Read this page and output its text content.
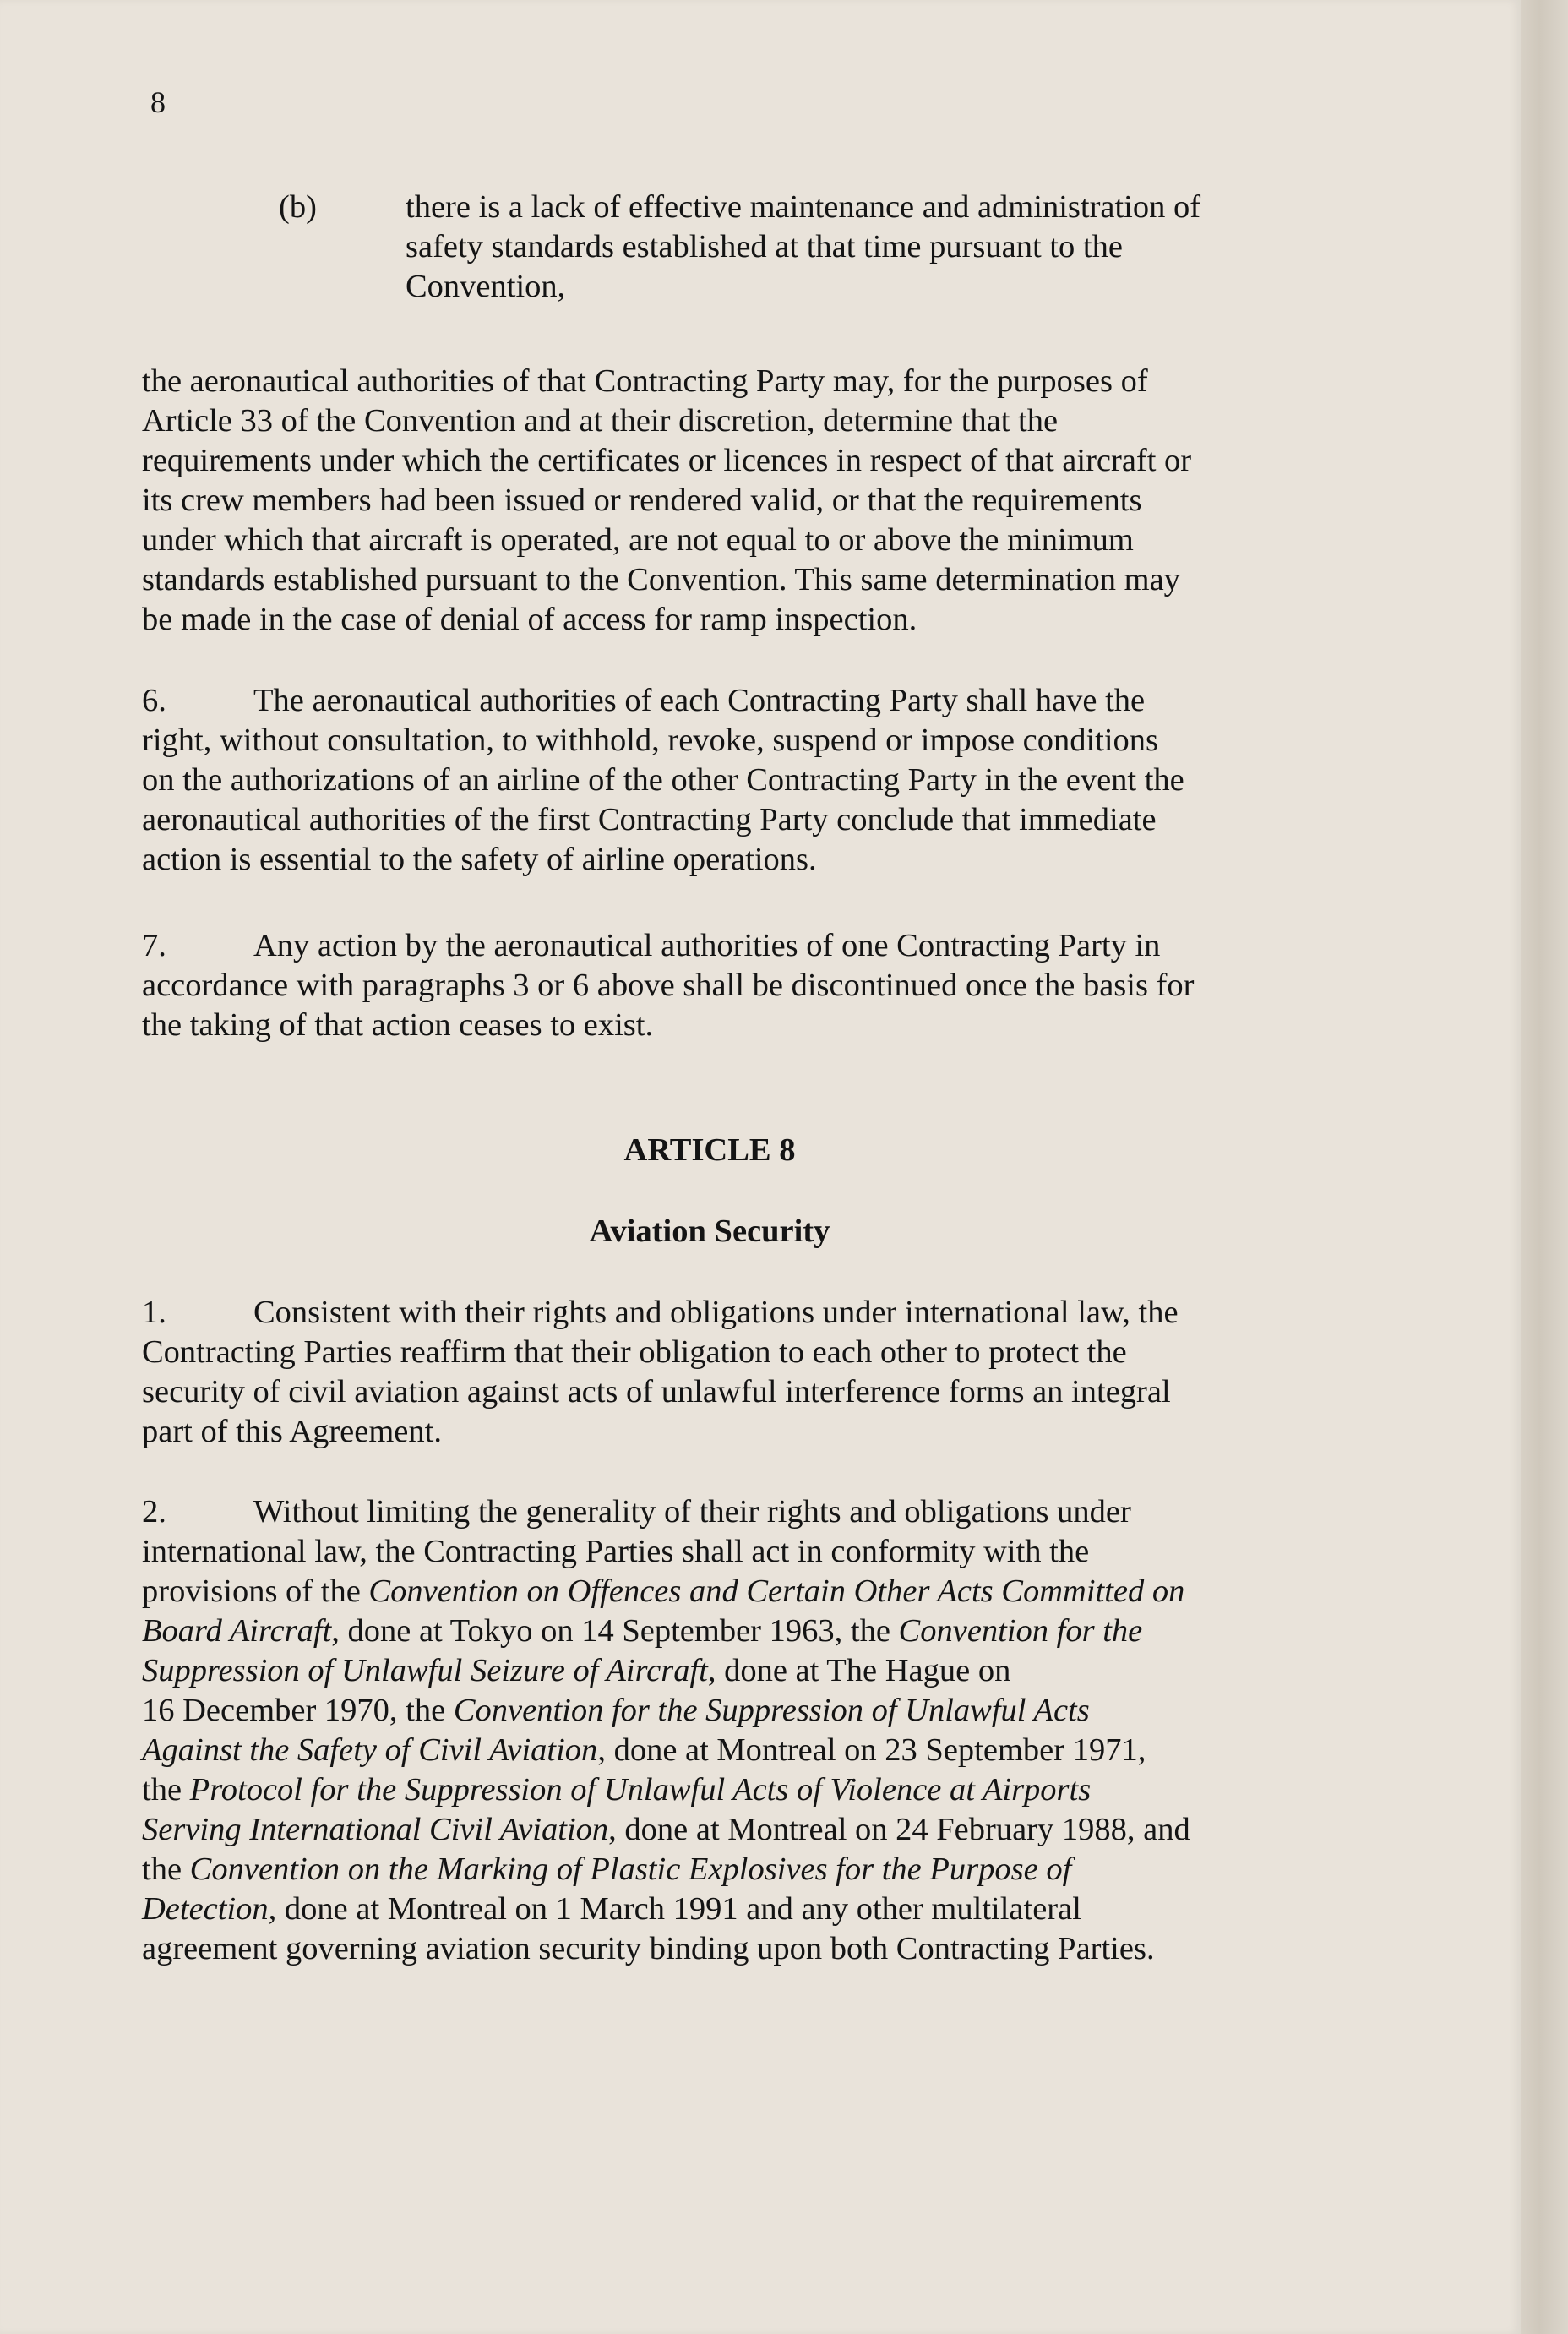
8
(b)	there is a lack of effective maintenance and administration of
safety standards established at that time pursuant to the
Convention,
the aeronautical authorities of that Contracting Party may, for the purposes of
Article 33 of the Convention and at their discretion, determine that the
requirements under which the certificates or licences in respect of that aircraft or
its crew members had been issued or rendered valid, or that the requirements
under which that aircraft is operated, are not equal to or above the minimum
standards established pursuant to the Convention. This same determination may
be made in the case of denial of access for ramp inspection.
6.	The aeronautical authorities of each Contracting Party shall have the
right, without consultation, to withhold, revoke, suspend or impose conditions
on the authorizations of an airline of the other Contracting Party in the event the
aeronautical authorities of the first Contracting Party conclude that immediate
action is essential to the safety of airline operations.
7.	Any action by the aeronautical authorities of one Contracting Party in
accordance with paragraphs 3 or 6 above shall be discontinued once the basis for
the taking of that action ceases to exist.
ARTICLE 8
Aviation Security
1.	Consistent with their rights and obligations under international law, the
Contracting Parties reaffirm that their obligation to each other to protect the
security of civil aviation against acts of unlawful interference forms an integral
part of this Agreement.
2.	Without limiting the generality of their rights and obligations under
international law, the Contracting Parties shall act in conformity with the
provisions of the Convention on Offences and Certain Other Acts Committed on
Board Aircraft, done at Tokyo on 14 September 1963, the Convention for the
Suppression of Unlawful Seizure of Aircraft, done at The Hague on
16 December 1970, the Convention for the Suppression of Unlawful Acts
Against the Safety of Civil Aviation, done at Montreal on 23 September 1971,
the Protocol for the Suppression of Unlawful Acts of Violence at Airports
Serving International Civil Aviation, done at Montreal on 24 February 1988, and
the Convention on the Marking of Plastic Explosives for the Purpose of
Detection, done at Montreal on 1 March 1991 and any other multilateral
agreement governing aviation security binding upon both Contracting Parties.
